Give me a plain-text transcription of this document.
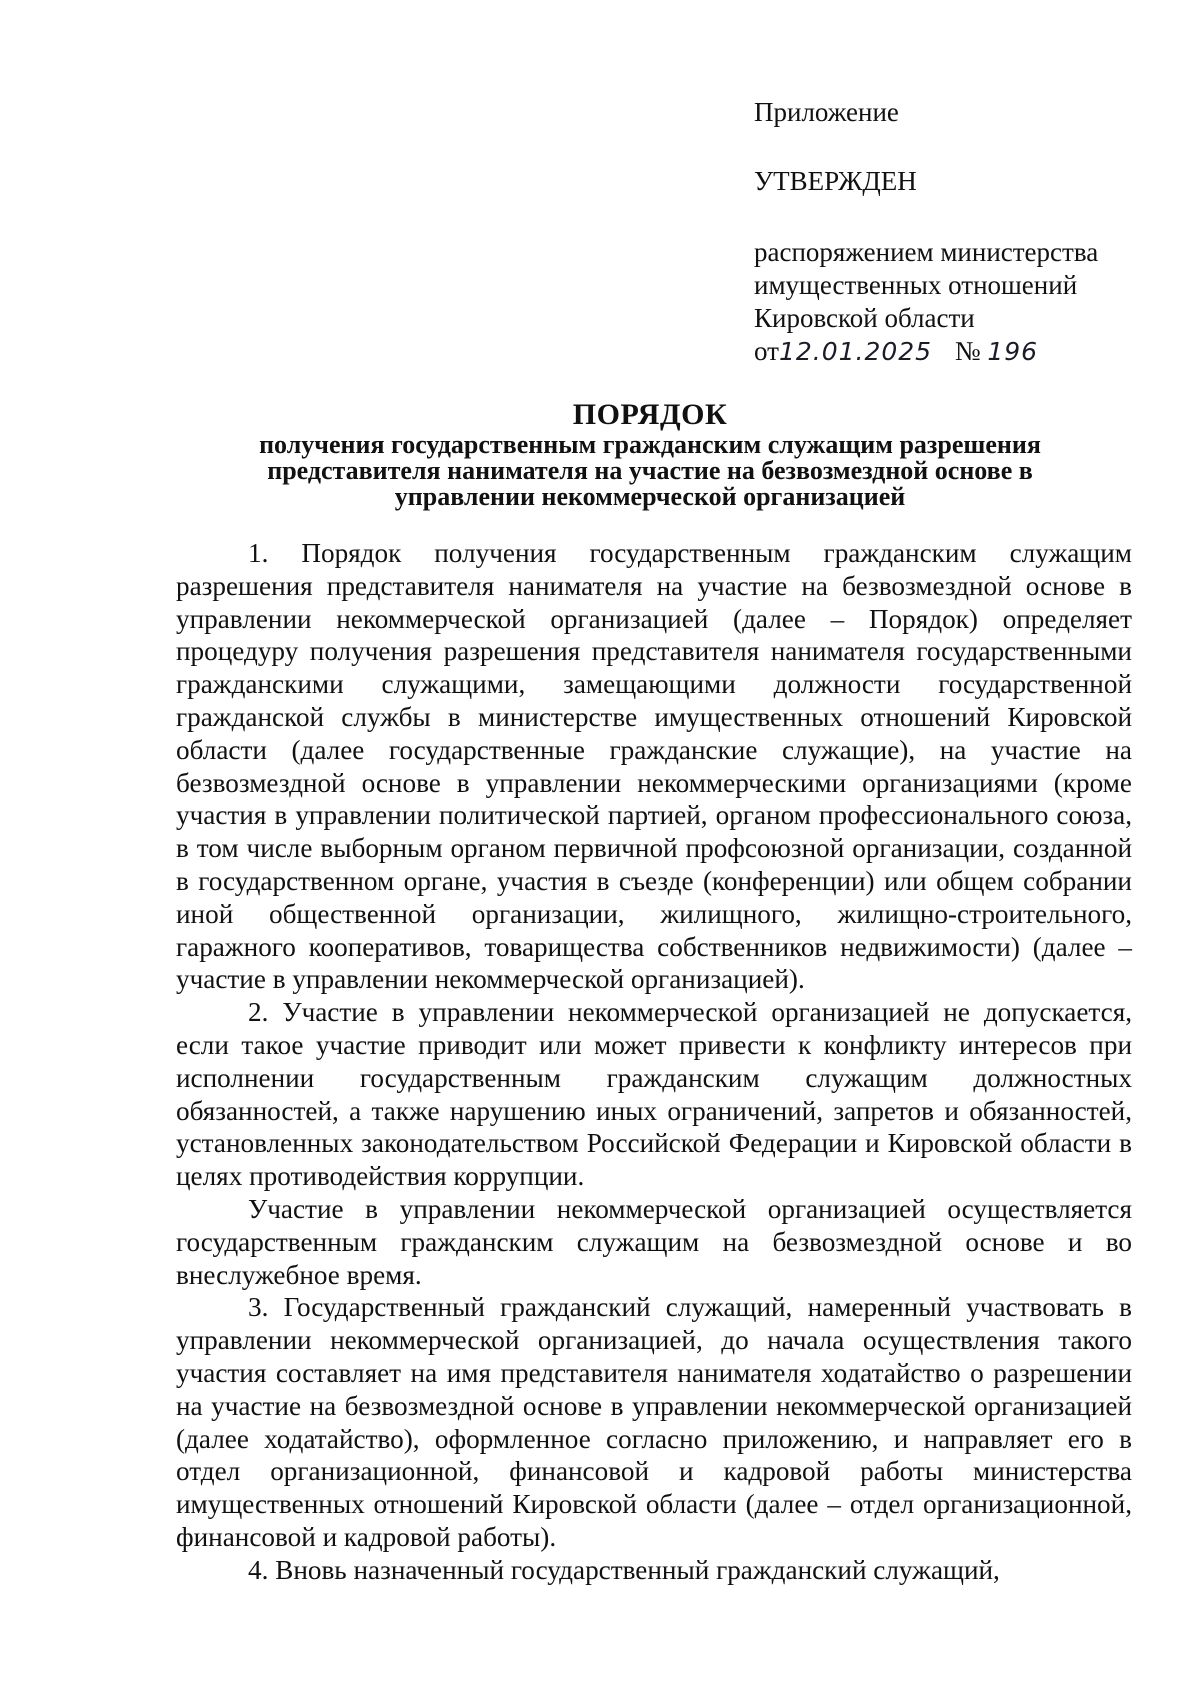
Приложение
УТВЕРЖДЕН
распоряжением министерства
имущественных отношений
Кировской области
от12.01.2025 № 196
ПОРЯДОК
получения государственным гражданским служащим разрешения
представителя нанимателя на участие на безвозмездной основе в
управлении некоммерческой организацией

1. Порядок получения государственным гражданским служащим разрешения представителя нанимателя на участие на безвозмездной основе в управлении некоммерческой организацией (далее – Порядок) определяет процедуру получения разрешения представителя нанимателя государственными гражданскими служащими, замещающими должности государственной гражданской службы в министерстве имущественных отношений Кировской области (далее государственные гражданские служащие), на участие на безвозмездной основе в управлении некоммерческими организациями (кроме участия в управлении политической партией, органом профессионального союза, в том числе выборным органом первичной профсоюзной организации, созданной в государственном органе, участия в съезде (конференции) или общем собрании иной общественной организации, жилищного, жилищно-строительного, гаражного кооперативов, товарищества собственников недвижимости) (далее – участие в управлении некоммерческой организацией).

2. Участие в управлении некоммерческой организацией не допускается, если такое участие приводит или может привести к конфликту интересов при исполнении государственным гражданским служащим должностных обязанностей, а также нарушению иных ограничений, запретов и обязанностей, установленных законодательством Российской Федерации и Кировской области в целях противодействия коррупции.

Участие в управлении некоммерческой организацией осуществляется государственным гражданским служащим на безвозмездной основе и во внеслужебное время.

3. Государственный гражданский служащий, намеренный участвовать в управлении некоммерческой организацией, до начала осуществления такого участия составляет на имя представителя нанимателя ходатайство о разрешении на участие на безвозмездной основе в управлении некоммерческой организацией (далее ходатайство), оформленное согласно приложению, и направляет его в отдел организационной, финансовой и кадровой работы министерства имущественных отношений Кировской области (далее – отдел организационной, финансовой и кадровой работы).

4. Вновь назначенный государственный гражданский служащий,
